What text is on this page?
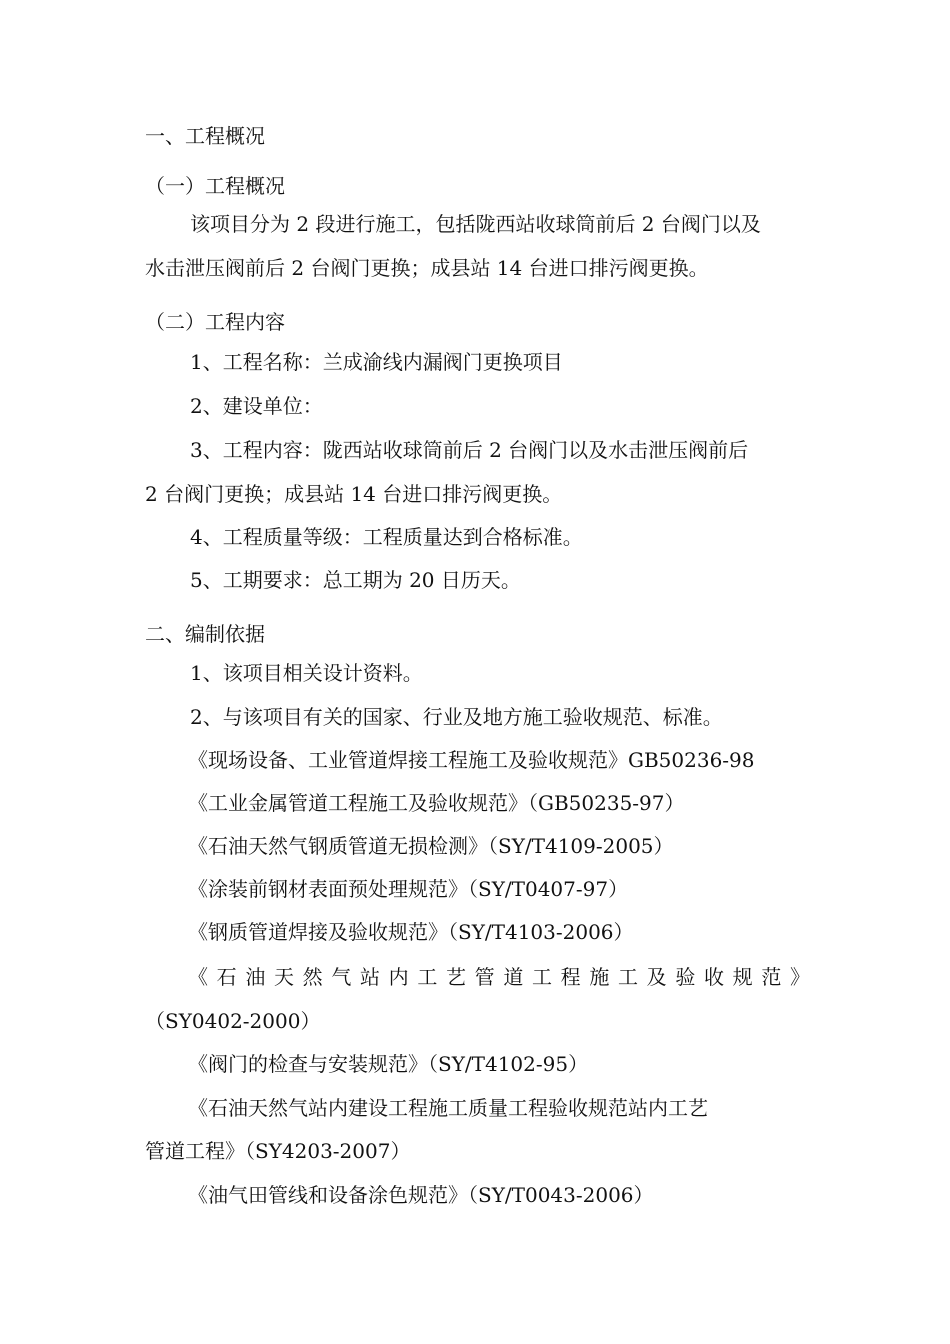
一、工程概况
（一）工程概况
该项目分为 2 段进行施工，包括陇西站收球筒前后 2 台阀门以及
水击泄压阀前后 2 台阀门更换；成县站 14 台进口排污阀更换。
（二）工程内容
1、工程名称：兰成渝线内漏阀门更换项目
2、建设单位：
3、工程内容：陇西站收球筒前后 2 台阀门以及水击泄压阀前后
2 台阀门更换；成县站 14 台进口排污阀更换。
4、工程质量等级：工程质量达到合格标准。
5、工期要求：总工期为 20 日历天。
二、编制依据
1、该项目相关设计资料。
2、与该项目有关的国家、行业及地方施工验收规范、标准。
《现场设备、工业管道焊接工程施工及验收规范》GB50236-98
《工业金属管道工程施工及验收规范》（GB50235-97）
《石油天然气钢质管道无损检测》（SY/T4109-2005）
《涂装前钢材表面预处理规范》（SY/T0407-97）
《钢质管道焊接及验收规范》（SY/T4103-2006）
《石油天然气站内工艺管道工程施工及验收规范》
（SY0402-2000）
《阀门的检查与安装规范》（SY/T4102-95）
《石油天然气站内建设工程施工质量工程验收规范站内工艺
管道工程》（SY4203-2007）
《油气田管线和设备涂色规范》（SY/T0043-2006）
